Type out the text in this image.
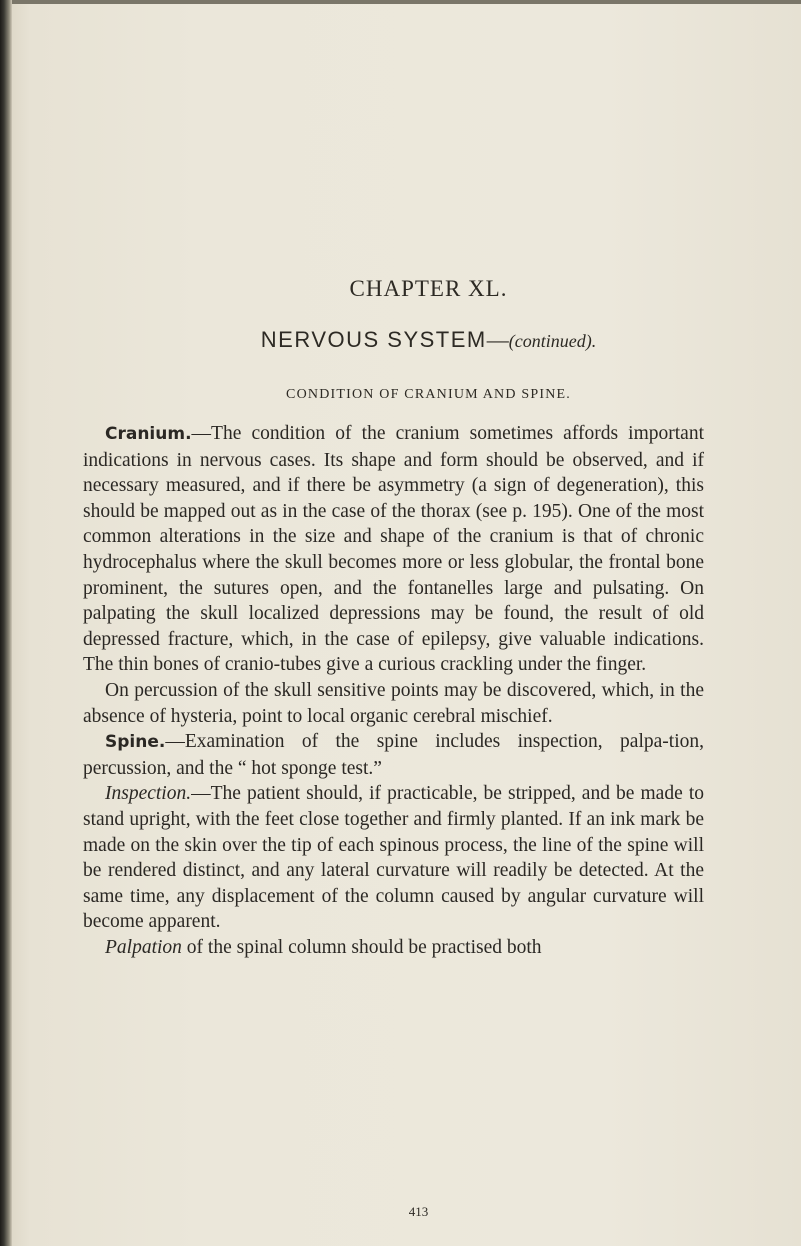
CHAPTER XL.
NERVOUS SYSTEM—(continued).
CONDITION OF CRANIUM AND SPINE.

Cranium.—The condition of the cranium sometimes affords important indications in nervous cases. Its shape and form should be observed, and if necessary measured, and if there be asymmetry (a sign of degeneration), this should be mapped out as in the case of the thorax (see p. 195). One of the most common alterations in the size and shape of the cranium is that of chronic hydrocephalus where the skull becomes more or less globular, the frontal bone prominent, the sutures open, and the fontanelles large and pulsating. On palpating the skull localized depressions may be found, the result of old depressed fracture, which, in the case of epilepsy, give valuable indications. The thin bones of cranio-tubes give a curious crackling under the finger.

On percussion of the skull sensitive points may be discovered, which, in the absence of hysteria, point to local organic cerebral mischief.

Spine.—Examination of the spine includes inspection, palpa-tion, percussion, and the “ hot sponge test.”

Inspection.—The patient should, if practicable, be stripped, and be made to stand upright, with the feet close together and firmly planted. If an ink mark be made on the skin over the tip of each spinous process, the line of the spine will be rendered distinct, and any lateral curvature will readily be detected. At the same time, any displacement of the column caused by angular curvature will become apparent.

Palpation of the spinal column should be practised both

413
